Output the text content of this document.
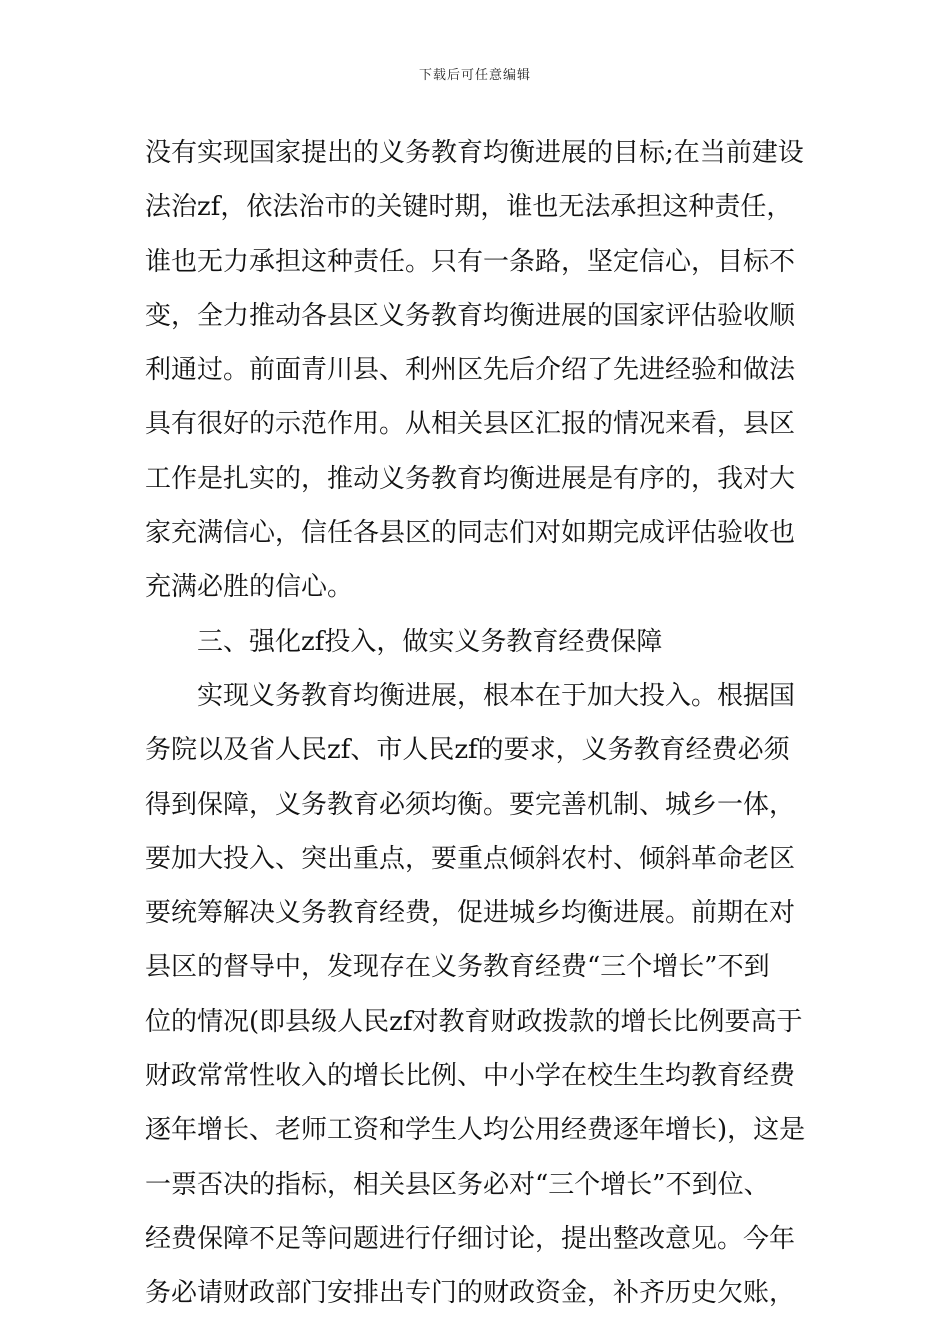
下载后可任意编辑
没有实现国家提出的义务教育均衡进展的目标;在当前建设
法治zf，依法治市的关键时期，谁也无法承担这种责任，
谁也无力承担这种责任。只有一条路，坚定信心，目标不
变，全力推动各县区义务教育均衡进展的国家评估验收顺
利通过。前面青川县、利州区先后介绍了先进经验和做法
具有很好的示范作用。从相关县区汇报的情况来看，县区
工作是扎实的，推动义务教育均衡进展是有序的，我对大
家充满信心，信任各县区的同志们对如期完成评估验收也
充满必胜的信心。
三、强化zf投入，做实义务教育经费保障
实现义务教育均衡进展，根本在于加大投入。根据国
务院以及省人民zf、市人民zf的要求，义务教育经费必须
得到保障，义务教育必须均衡。要完善机制、城乡一体，
要加大投入、突出重点，要重点倾斜农村、倾斜革命老区
要统筹解决义务教育经费，促进城乡均衡进展。前期在对
县区的督导中，发现存在义务教育经费“三个增长”不到
位的情况(即县级人民zf对教育财政拨款的增长比例要高于
财政常常性收入的增长比例、中小学在校生生均教育经费
逐年增长、老师工资和学生人均公用经费逐年增长)，这是
一票否决的指标，相关县区务必对“三个增长”不到位、
经费保障不足等问题进行仔细讨论，提出整改意见。今年
务必请财政部门安排出专门的财政资金，补齐历史欠账，
